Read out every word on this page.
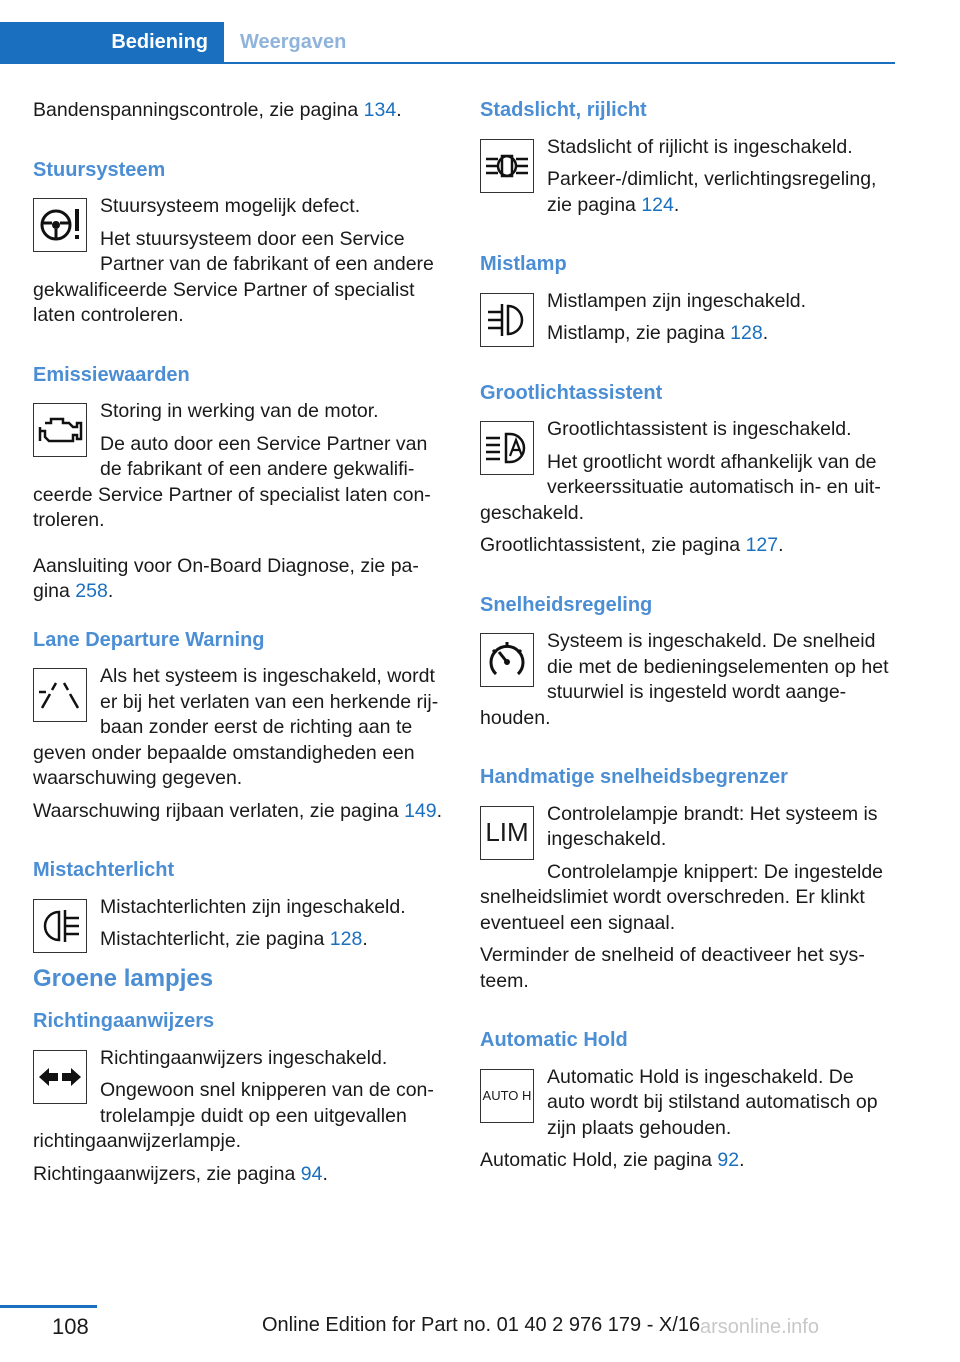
Bediening	Weergaven

Bandenspanningscontrole, zie pagina 134.

Stuursysteem

Stuursysteem mogelijk defect.

Het stuursysteem door een Service Partner van de fabrikant of een andere gekwalificeerde Service Partner of specialist laten controleren.

Emissiewaarden

Storing in werking van de motor.

De auto door een Service Partner van de fabrikant of een andere gekwalificeerde Service Partner of specialist laten controleren.

Aansluiting voor On-Board Diagnose, zie pagina 258.

Lane Departure Warning

Als het systeem is ingeschakeld, wordt er bij het verlaten van een herkende rijbaan zonder eerst de richting aan te geven onder bepaalde omstandigheden een waarschuwing gegeven.

Waarschuwing rijbaan verlaten, zie pagina 149.

Mistachterlicht

Mistachterlichten zijn ingeschakeld.

Mistachterlicht, zie pagina 128.

Groene lampjes
Richtingaanwijzers

Richtingaanwijzers ingeschakeld.

Ongewoon snel knipperen van de controlelampje duidt op een uitgevallen richtingaanwijzerlampje.

Richtingaanwijzers, zie pagina 94.

Stadslicht, rijlicht

Stadslicht of rijlicht is ingeschakeld.

Parkeer-/dimlicht, verlichtingsregeling, zie pagina 124.

Mistlamp

Mistlampen zijn ingeschakeld.

Mistlamp, zie pagina 128.

Grootlichtassistent

Grootlichtassistent is ingeschakeld.

Het grootlicht wordt afhankelijk van de verkeerssituatie automatisch in- en uitgeschakeld.

Grootlichtassistent, zie pagina 127.

Snelheidsregeling

Systeem is ingeschakeld. De snelheid die met de bedieningselementen op het stuurwiel is ingesteld wordt aangehouden.

Handmatige snelheidsbegrenzer
LIM

Controlelampje brandt: Het systeem is ingeschakeld.

Controlelampje knippert: De ingestelde snelheidslimiet wordt overschreden. Er klinkt eventueel een signaal.

Verminder de snelheid of deactiveer het systeem.

Automatic Hold
AUTO H

Automatic Hold is ingeschakeld. De auto wordt bij stilstand automatisch op zijn plaats gehouden.

Automatic Hold, zie pagina 92.

108	Online Edition for Part no. 01 40 2 976 179 - X/16 arsonline.info
